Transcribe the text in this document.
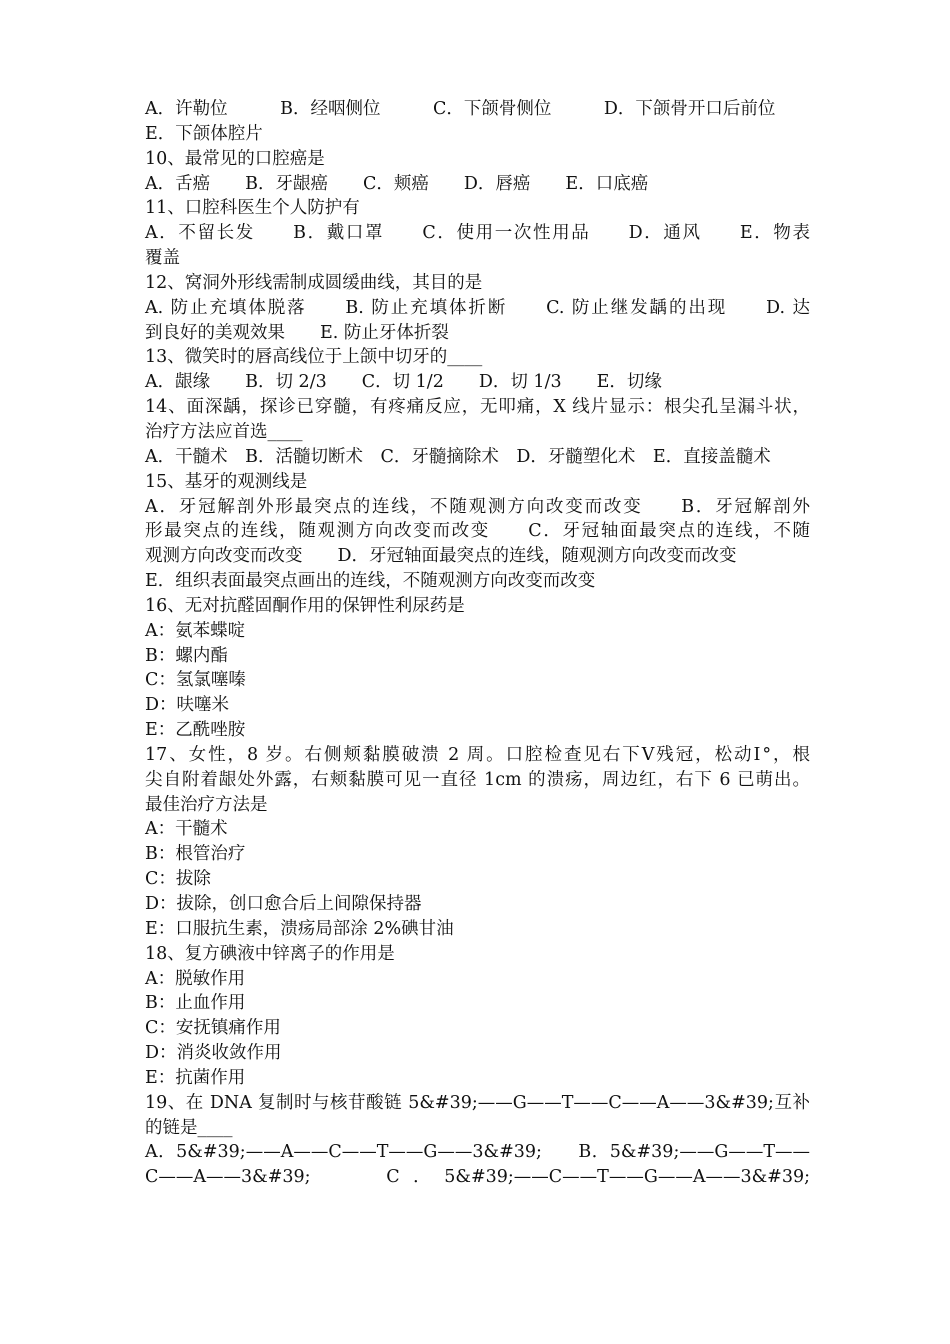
A．许勒位　　　B．经咽侧位　　　C．下颌骨侧位　　　D．下颌骨开口后前位

E．下颌体腔片

10、最常见的口腔癌是

A．舌癌　　B．牙龈癌　　C．颊癌　　D．唇癌　　E．口底癌

11、口腔科医生个人防护有

A．不留长发　　B．戴口罩　　C．使用一次性用品　　D．通风　　E．物表

覆盖

12、窝洞外形线需制成圆缓曲线，其目的是

A. 防止充填体脱落　　B. 防止充填体折断　　C. 防止继发龋的出现　　D. 达

到良好的美观效果　　E. 防止牙体折裂

13、微笑时的唇高线位于上颌中切牙的____

A．龈缘　　B．切 2/3　　C．切 1/2　　D．切 1/3　　E．切缘

14、面深龋，探诊已穿髓，有疼痛反应，无叩痛，X 线片显示：根尖孔呈漏斗状，

治疗方法应首选____

A．干髓术　B．活髓切断术　C．牙髓摘除术　D．牙髓塑化术　E．直接盖髓术

15、基牙的观测线是

A．牙冠解剖外形最突点的连线，不随观测方向改变而改变　　B．牙冠解剖外

形最突点的连线，随观测方向改变而改变　　C．牙冠轴面最突点的连线，不随

观测方向改变而改变　　D．牙冠轴面最突点的连线，随观测方向改变而改变

E．组织表面最突点画出的连线，不随观测方向改变而改变

16、无对抗醛固酮作用的保钾性利尿药是

A：氨苯蝶啶

B：螺内酯

C：氢氯噻嗪

D：呋噻米

E：乙酰唑胺

17、女性，8 岁。右侧颊黏膜破溃 2 周。口腔检查见右下Ⅴ残冠，松动Ⅰ°，根

尖自附着龈处外露，右颊黏膜可见一直径 1cm 的溃疡，周边红，右下 6 已萌出。

最佳治疗方法是

A：干髓术

B：根管治疗

C：拔除

D：拔除，创口愈合后上间隙保持器

E：口服抗生素，溃疡局部涂 2%碘甘油

18、复方碘液中锌离子的作用是

A：脱敏作用

B：止血作用

C：安抚镇痛作用

D：消炎收敛作用

E：抗菌作用

19、在 DNA 复制时与核苷酸链 5&#39;——G——T——C——A——3&#39;互补

的链是____

A．5&#39;——A——C——T——G——3&#39;　　B．5&#39;——G——T——

C——A——3&#39;　　C．5&#39;——C——T——G——A——3&#39;
